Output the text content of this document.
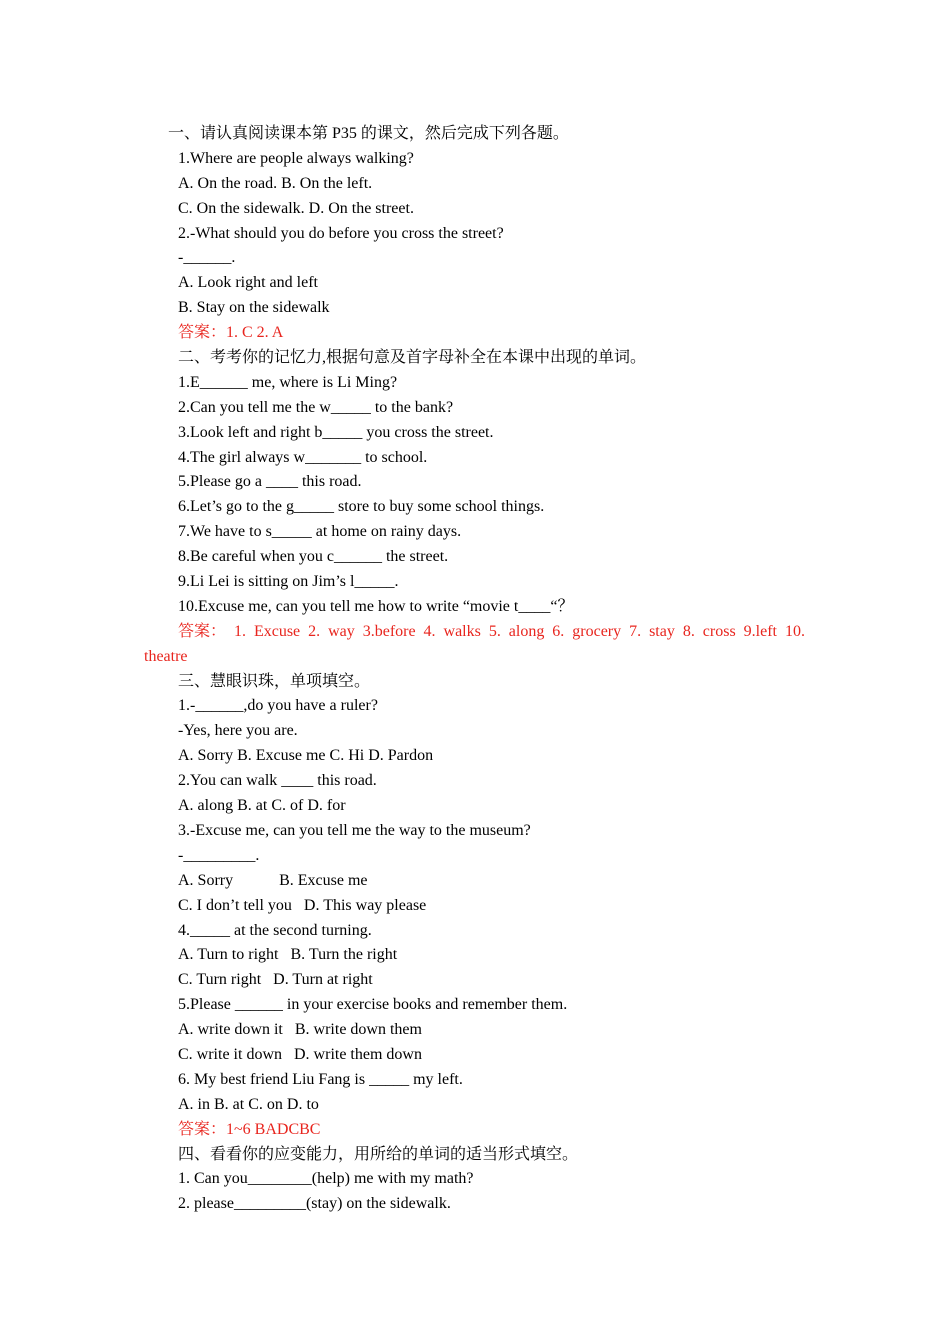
一、请认真阅读课本第 P35 的课文，然后完成下列各题。
1.Where are people always walking?
A. On the road. B. On the left.
C. On the sidewalk. D. On the street.
2.-What should you do before you cross the street?
-______.
A. Look right and left
B. Stay on the sidewalk
答案：1. C 2. A
二、考考你的记忆力,根据句意及首字母补全在本课中出现的单词。
1.E______ me, where is Li Ming?
2.Can you tell me the w_____ to the bank?
3.Look left and right b_____ you cross the street.
4.The girl always w_______ to school.
5.Please go a ____ this road.
6.Let’s go to the g_____ store to buy some school things.
7.We have to s_____ at home on rainy days.
8.Be careful when you c______ the street.
9.Li Lei is sitting on Jim’s l_____.
10.Excuse me, can you tell me how to write “movie t____“？
答案： 1. Excuse 2. way 3.before 4. walks 5. along 6. grocery 7. stay 8. cross 9.left 10.
theatre
三、慧眼识珠，单项填空。
1.-______,do you have a ruler?
-Yes, here you are.
A. Sorry B. Excuse me C. Hi D. Pardon
2.You can walk ____ this road.
A. along B. at C. of D. for
3.-Excuse me, can you tell me the way to the museum?
-_________.
A. Sorry	B. Excuse me
C. I don’t tell you D. This way please
4._____ at the second turning.
A. Turn to right B. Turn the right
C. Turn right D. Turn at right
5.Please ______ in your exercise books and remember them.
A. write down it B. write down them
C. write it down D. write them down
6. My best friend Liu Fang is _____ my left.
A. in B. at C. on D. to
答案：1~6 BADCBC
四、看看你的应变能力，用所给的单词的适当形式填空。
1. Can you________(help) me with my math?
2. please_________(stay) on the sidewalk.
